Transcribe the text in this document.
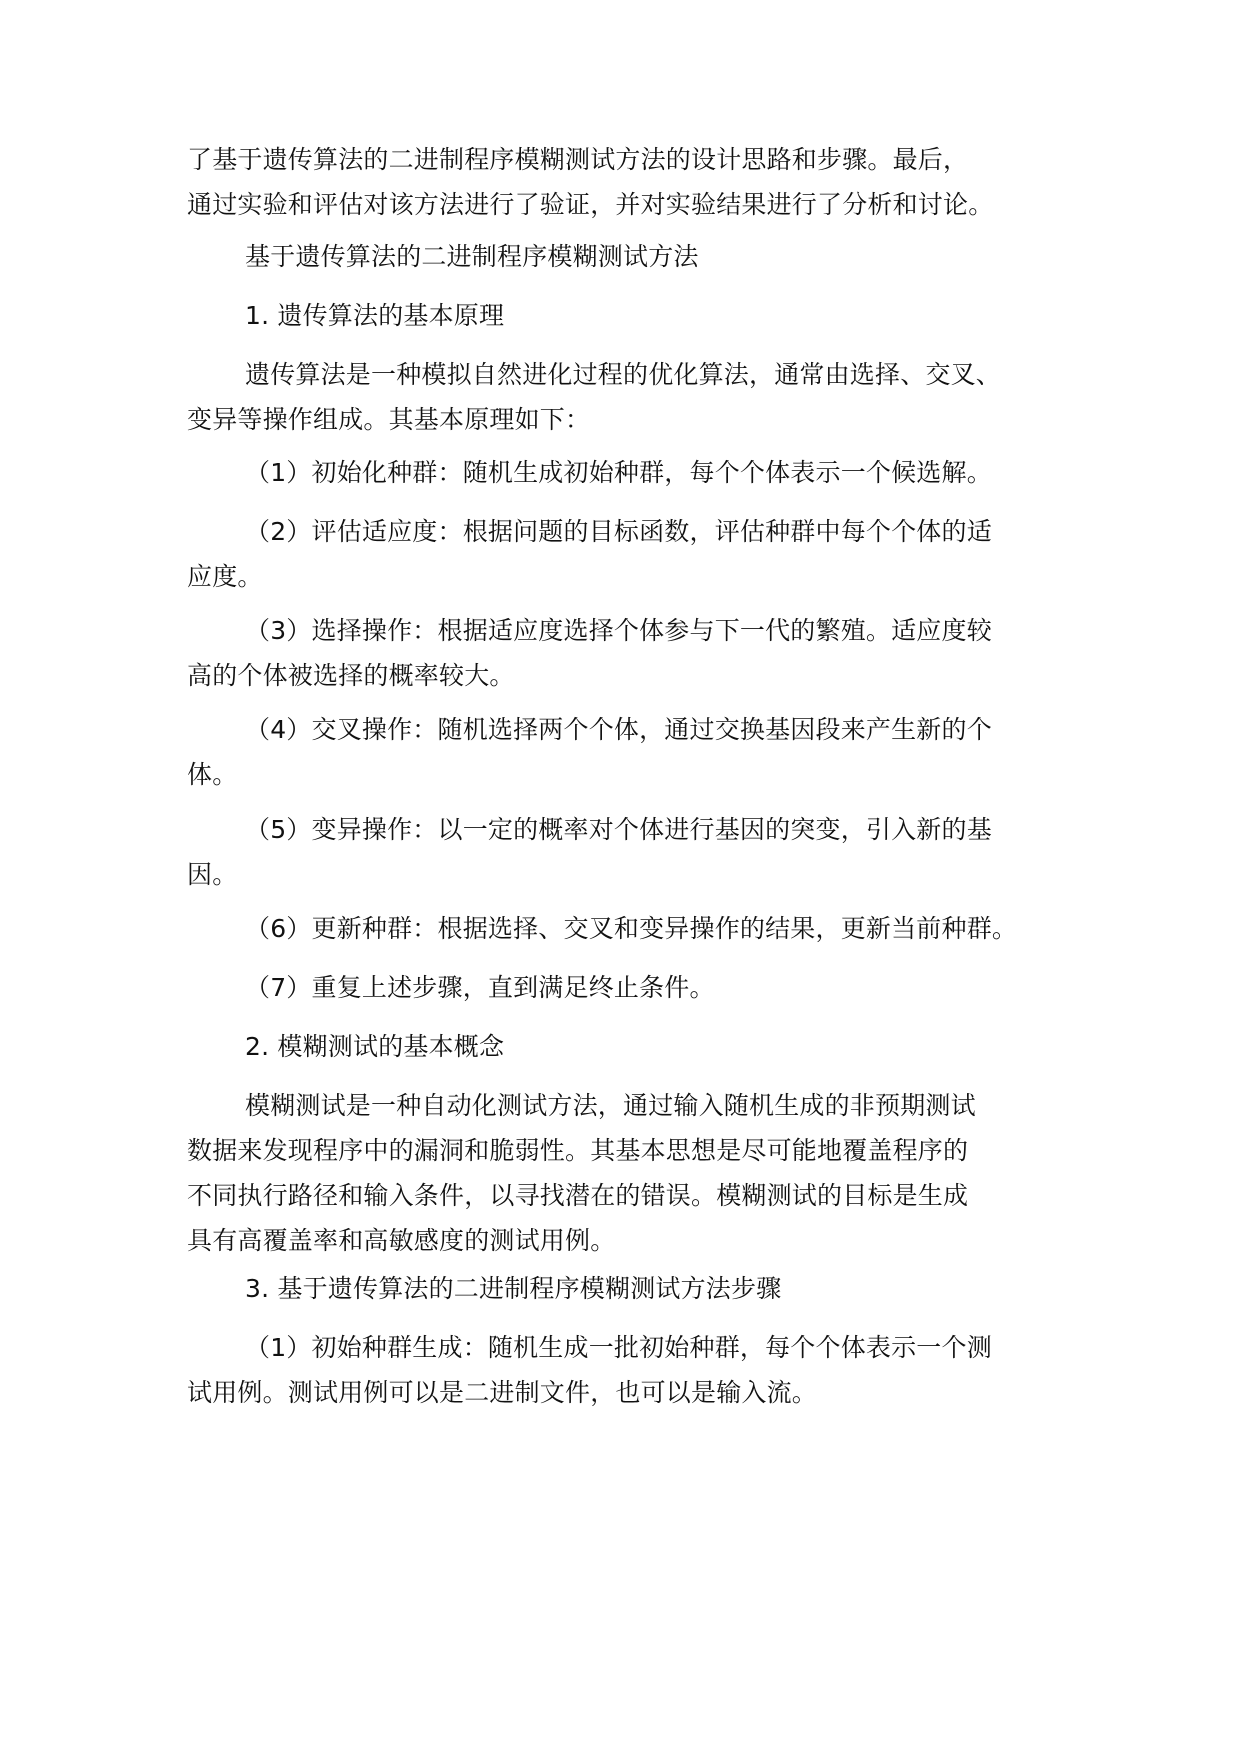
了基于遗传算法的二进制程序模糊测试方法的设计思路和步骤。最后，
通过实验和评估对该方法进行了验证，并对实验结果进行了分析和讨论。
基于遗传算法的二进制程序模糊测试方法
1. 遗传算法的基本原理
遗传算法是一种模拟自然进化过程的优化算法，通常由选择、交叉、
变异等操作组成。其基本原理如下：
（1）初始化种群：随机生成初始种群，每个个体表示一个候选解。
（2）评估适应度：根据问题的目标函数，评估种群中每个个体的适
应度。
（3）选择操作：根据适应度选择个体参与下一代的繁殖。适应度较
高的个体被选择的概率较大。
（4）交叉操作：随机选择两个个体，通过交换基因段来产生新的个
体。
（5）变异操作：以一定的概率对个体进行基因的突变，引入新的基
因。
（6）更新种群：根据选择、交叉和变异操作的结果，更新当前种群。
（7）重复上述步骤，直到满足终止条件。
2. 模糊测试的基本概念
模糊测试是一种自动化测试方法，通过输入随机生成的非预期测试
数据来发现程序中的漏洞和脆弱性。其基本思想是尽可能地覆盖程序的
不同执行路径和输入条件，以寻找潜在的错误。模糊测试的目标是生成
具有高覆盖率和高敏感度的测试用例。
3. 基于遗传算法的二进制程序模糊测试方法步骤
（1）初始种群生成：随机生成一批初始种群，每个个体表示一个测
试用例。测试用例可以是二进制文件，也可以是输入流。
